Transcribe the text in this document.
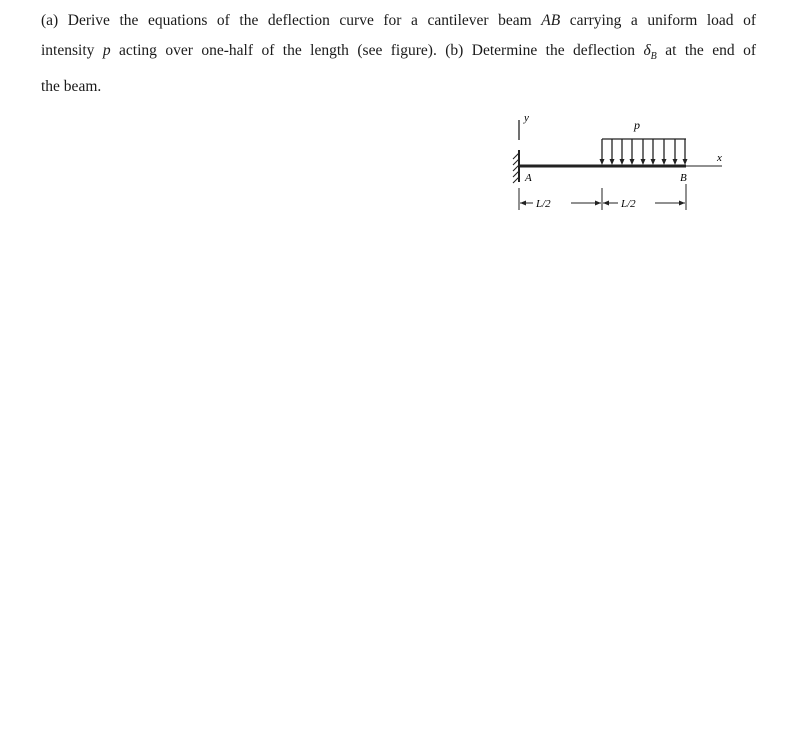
(a) Derive the equations of the deflection curve for a cantilever beam AB carrying a uniform load of
intensity p acting over one-half of the length (see figure). (b) Determine the deflection $\delta_B$ at the end of
the beam.
y
x
p
A	B
L/2	L/2
